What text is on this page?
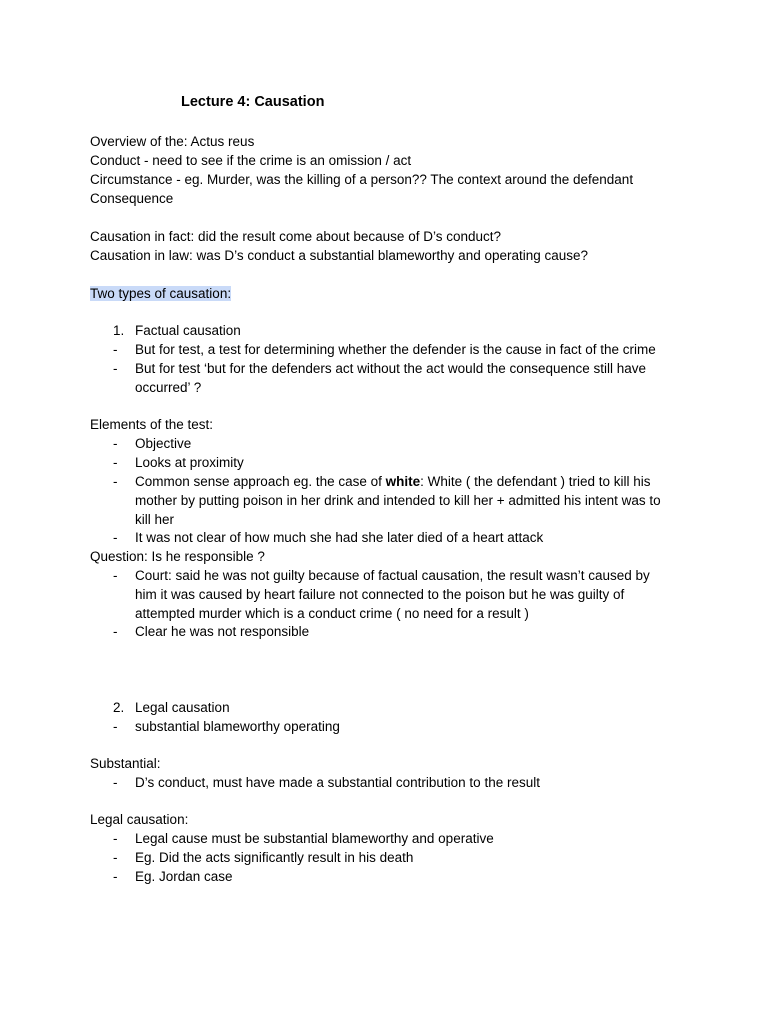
Lecture 4: Causation
Overview of the: Actus reus
Conduct - need to see if the crime is an omission / act
Circumstance - eg. Murder, was the killing of a person?? The context around the defendant
Consequence
Causation in fact: did the result come about because of D’s conduct?
Causation in law: was D’s conduct a substantial blameworthy and operating cause?
Two types of causation:
1. Factual causation
- But for test, a test for determining whether the defender is the cause in fact of the crime
- But for test ‘but for the defenders act without the act would the consequence still have occurred’ ?
Elements of the test:
- Objective
- Looks at proximity
- Common sense approach eg. the case of white: White ( the defendant ) tried to kill his mother by putting poison in her drink and intended to kill her + admitted his intent was to kill her
- It was not clear of how much she had she later died of a heart attack
Question: Is he responsible ?
- Court: said he was not guilty because of factual causation, the result wasn’t caused by him it was caused by heart failure not connected to the poison but he was guilty of attempted murder which is a conduct crime ( no need for a result )
- Clear he was not responsible
2. Legal causation
- substantial blameworthy operating
Substantial:
- D’s conduct, must have made a substantial contribution to the result
Legal causation:
- Legal cause must be substantial blameworthy and operative
- Eg. Did the acts significantly result in his death
- Eg. Jordan case
